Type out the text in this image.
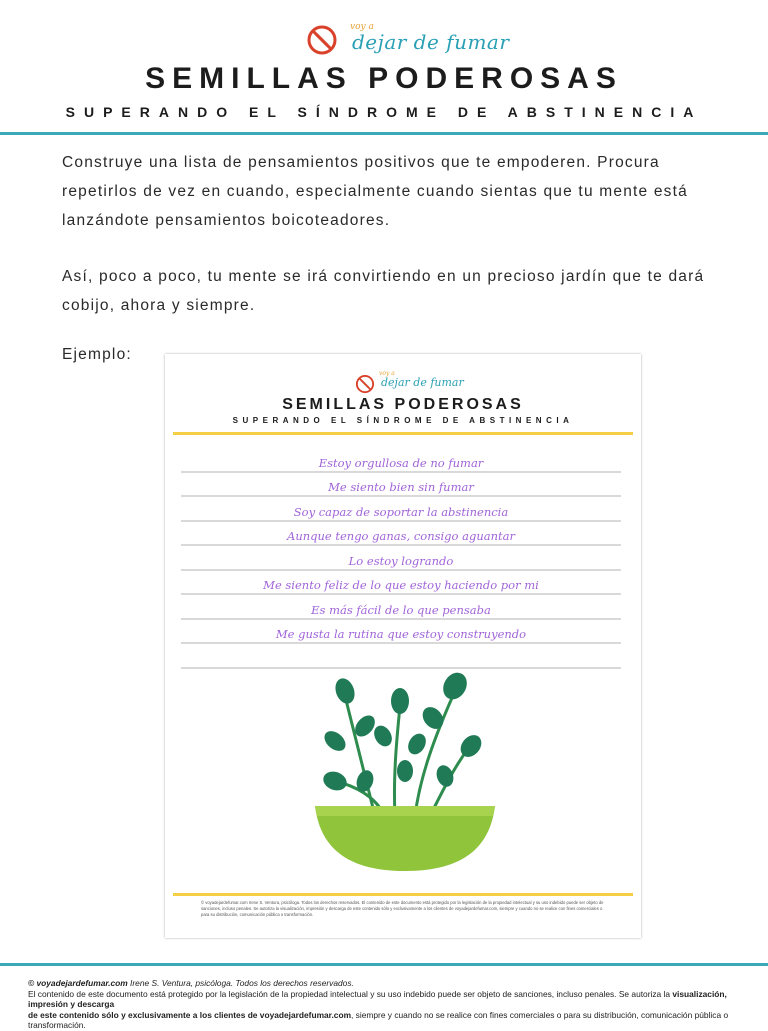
voy a
dejar de fumar
SEMILLAS PODEROSAS
SUPERANDO EL SÍNDROME DE ABSTINENCIA
Construye una lista de pensamientos positivos que te empoderen. Procura repetirlos de vez en cuando, especialmente cuando sientas que tu mente está lanzándote pensamientos boicoteadores.
Así, poco a poco, tu mente se irá convirtiendo en un precioso jardín que te dará cobijo, ahora y siempre.
Ejemplo:
voy a
dejar de fumar
SEMILLAS PODEROSAS
SUPERANDO EL SÍNDROME DE ABSTINENCIA
Estoy orgullosa de no fumar
Me siento bien sin fumar
Soy capaz de soportar la abstinencia
Aunque tengo ganas, consigo aguantar
Lo estoy logrando
Me siento feliz de lo que estoy haciendo por mi
Es más fácil de lo que pensaba
Me gusta la rutina que estoy construyendo
© voyadejardefumar.com Irene S. Ventura, psicóloga. Todos los derechos reservados. El contenido de este documento está protegido por la legislación de la propiedad intelectual y su uso indebido puede ser objeto de sanciones, incluso penales. Se autoriza la visualización, impresión y descarga de este contenido sólo y exclusivamente a los clientes de voyadejardefumar.com, siempre y cuando no se realice con fines comerciales o para su distribución, comunicación pública o transformación.
© voyadejardefumar.com Irene S. Ventura, psicóloga. Todos los derechos reservados.
El contenido de este documento está protegido por la legislación de la propiedad intelectual y su uso indebido puede ser objeto de sanciones, incluso penales. Se autoriza la visualización, impresión y descarga
de este contenido sólo y exclusivamente a los clientes de voyadejardefumar.com, siempre y cuando no se realice con fines comerciales o para su distribución, comunicación pública o transformación.
